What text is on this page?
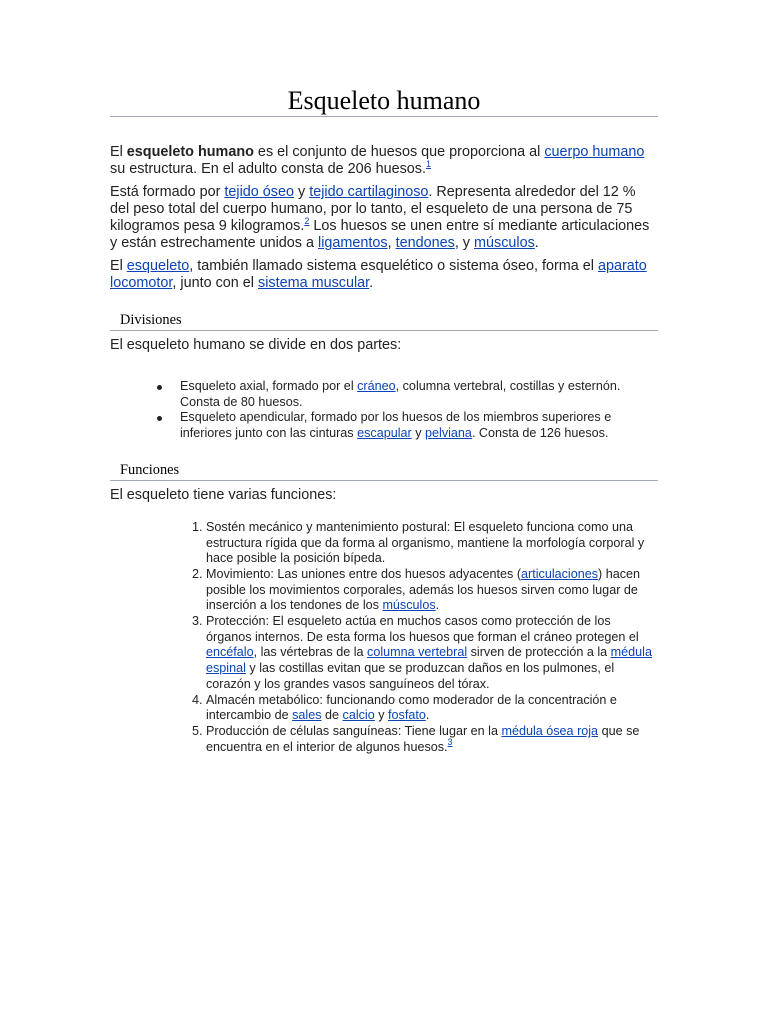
Esqueleto humano

El esqueleto humano es el conjunto de huesos que proporciona al cuerpo humano su estructura. En el adulto consta de 206 huesos.$^1$

Está formado por tejido óseo y tejido cartilaginoso. Representa alrededor del 12 % del peso total del cuerpo humano, por lo tanto, el esqueleto de una persona de 75 kilogramos pesa 9 kilogramos.$^2$ Los huesos se unen entre sí mediante articulaciones y están estrechamente unidos a ligamentos, tendones, y músculos.

El esqueleto, también llamado sistema esquelético o sistema óseo, forma el aparato locomotor, junto con el sistema muscular.

Divisiones

El esqueleto humano se divide en dos partes:

Esqueleto axial, formado por el cráneo, columna vertebral, costillas y esternón. Consta de 80 huesos.
Esqueleto apendicular, formado por los huesos de los miembros superiores e inferiores junto con las cinturas escapular y pelviana. Consta de 126 huesos.
Funciones

El esqueleto tiene varias funciones:

1. Sostén mecánico y mantenimiento postural: El esqueleto funciona como una estructura rígida que da forma al organismo, mantiene la morfología corporal y hace posible la posición bípeda.
2. Movimiento: Las uniones entre dos huesos adyacentes (articulaciones) hacen posible los movimientos corporales, además los huesos sirven como lugar de inserción a los tendones de los músculos.
3. Protección: El esqueleto actúa en muchos casos como protección de los órganos internos. De esta forma los huesos que forman el cráneo protegen el encéfalo, las vértebras de la columna vertebral sirven de protección a la médula espinal y las costillas evitan que se produzcan daños en los pulmones, el corazón y los grandes vasos sanguíneos del tórax.
4. Almacén metabólico: funcionando como moderador de la concentración e intercambio de sales de calcio y fosfato.
5. Producción de células sanguíneas: Tiene lugar en la médula ósea roja que se encuentra en el interior de algunos huesos.$^3$
